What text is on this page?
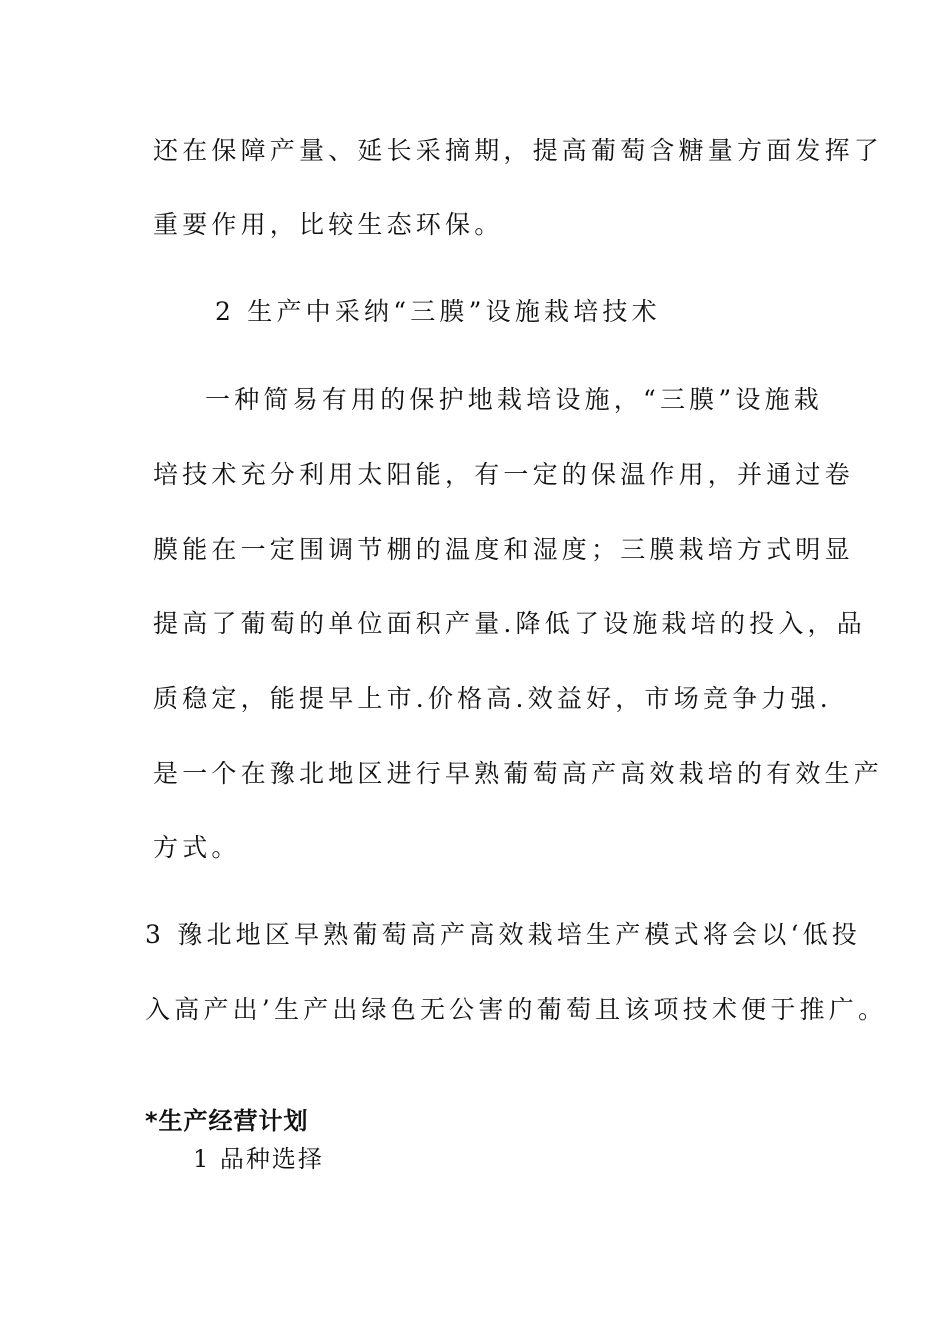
还在保障产量、延长采摘期，提高葡萄含糖量方面发挥了
重要作用，比较生态环保。
2 生产中采纳“三膜”设施栽培技术
一种简易有用的保护地栽培设施，“三膜”设施栽
培技术充分利用太阳能，有一定的保温作用，并通过卷
膜能在一定围调节棚的温度和湿度；三膜栽培方式明显
提高了葡萄的单位面积产量.降低了设施栽培的投入，品
质稳定，能提早上市.价格高.效益好，市场竞争力强.
是一个在豫北地区进行早熟葡萄高产高效栽培的有效生产
方式。
3 豫北地区早熟葡萄高产高效栽培生产模式将会以‘低投
入高产出’生产出绿色无公害的葡萄且该项技术便于推广。
*生产经营计划
1 品种选择
